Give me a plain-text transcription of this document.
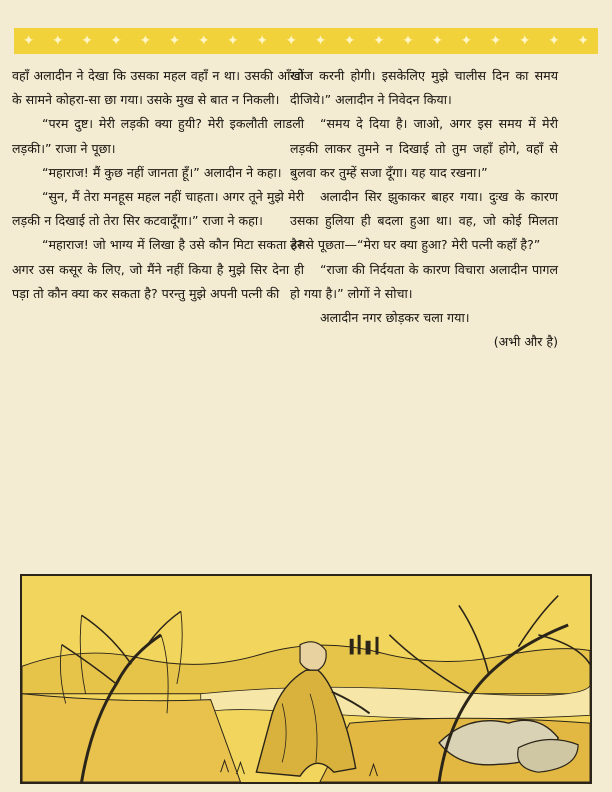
✦ ✦ ✦ ✦ ✦ ✦ ✦ ✦ ✦ ✦ ✦ ✦ ✦ ✦ ✦ ✦ ✦ ✦ ✦ ✦

वहाँ अलादीन ने देखा कि उसका महल वहाँ न था। उसकी आँखों के सामने कोहरा-सा छा गया। उसके मुख से बात न निकली।

“परम दुष्ट। मेरी लड़की क्या हुयी? मेरी इकलौती लाडली लड़की।” राजा ने पूछा।

“महाराज! मैं कुछ नहीं जानता हूँ।” अलादीन ने कहा।

“सुन, मैं तेरा मनहूस महल नहीं चाहता। अगर तूने मुझे मेरी लड़की न दिखाई तो तेरा सिर कटवादूँगा।” राजा ने कहा।

“महाराज! जो भाग्य में लिखा है उसे कौन मिटा सकता है? अगर उस कसूर के लिए, जो मैंने नहीं किया है मुझे सिर देना ही पड़ा तो कौन क्या कर सकता है? परन्तु मुझे अपनी पत्नी की

खोज करनी होगी। इसकेलिए मुझे चालीस दिन का समय दीजिये।” अलादीन ने निवेदन किया।

“समय दे दिया है। जाओ, अगर इस समय में मेरी लड़की लाकर तुमने न दिखाई तो तुम जहाँ होगे, वहाँ से बुलवा कर तुम्हें सजा दूँगा। यह याद रखना।”

अलादीन सिर झुकाकर बाहर गया। दुःख के कारण उसका हुलिया ही बदला हुआ था। वह, जो कोई मिलता उससे पूछता—“मेरा घर क्या हुआ? मेरी पत्नी कहाँ है?”

“राजा की निर्दयता के कारण विचारा अलादीन पागल हो गया है।” लोगों ने सोचा।

अलादीन नगर छोड़कर चला गया।

(अभी और है)
